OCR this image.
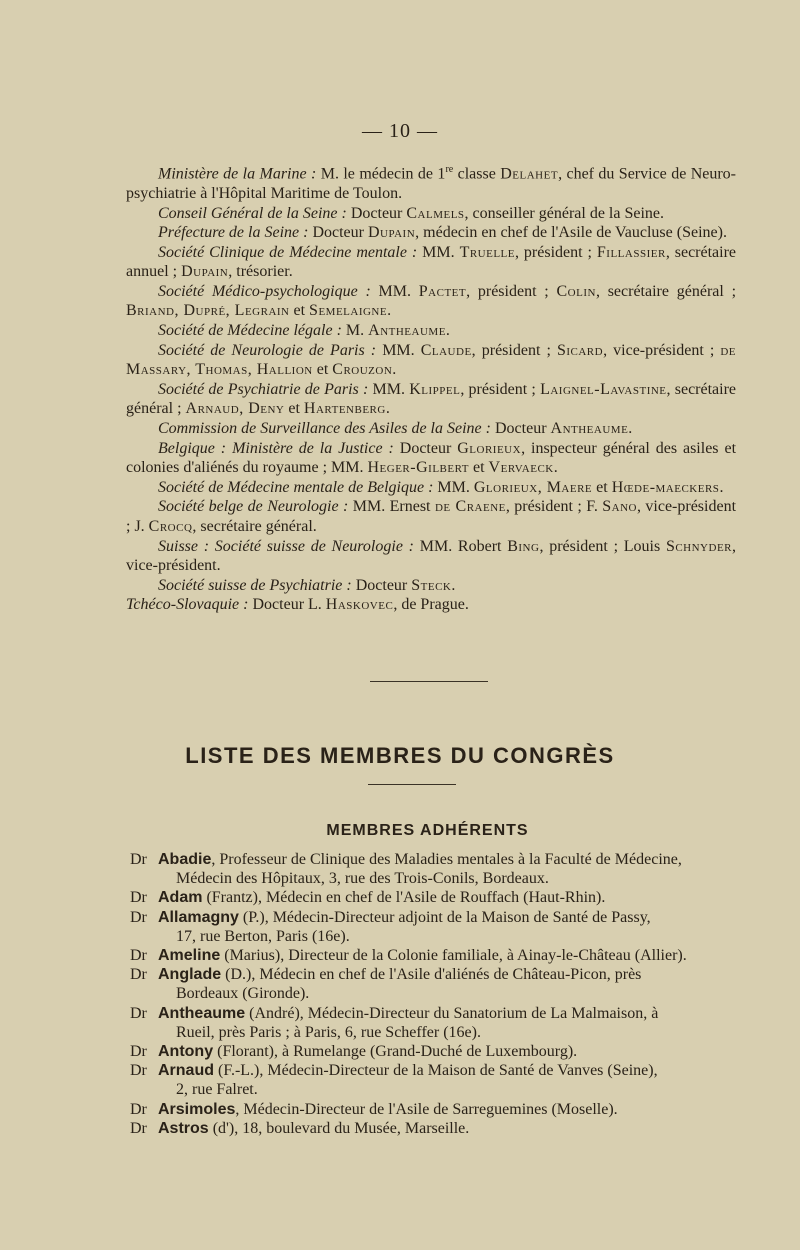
— 10 —

Ministère de la Marine : M. le médecin de 1re classe Delahet, chef du Service de Neuro-psychiatrie à l'Hôpital Maritime de Toulon.

Conseil Général de la Seine : Docteur Calmels, conseiller général de la Seine.

Préfecture de la Seine : Docteur Dupain, médecin en chef de l'Asile de Vaucluse (Seine).

Société Clinique de Médecine mentale : MM. Truelle, président ; Fillassier, secrétaire annuel ; Dupain, trésorier.

Société Médico-psychologique : MM. Pactet, président ; Colin, secrétaire général ; Briand, Dupré, Legrain et Semelaigne.

Société de Médecine légale : M. Antheaume.

Société de Neurologie de Paris : MM. Claude, président ; Sicard, vice-président ; de Massary, Thomas, Hallion et Crouzon.

Société de Psychiatrie de Paris : MM. Klippel, président ; Laignel-Lavastine, secrétaire général ; Arnaud, Deny et Hartenberg.

Commission de Surveillance des Asiles de la Seine : Docteur Antheaume.

Belgique : Ministère de la Justice : Docteur Glorieux, inspecteur général des asiles et colonies d'aliénés du royaume ; MM. Heger-Gilbert et Vervaeck.

Société de Médecine mentale de Belgique : MM. Glorieux, Maere et Hœde-maeckers.

Société belge de Neurologie : MM. Ernest de Craene, président ; F. Sano, vice-président ; J. Crocq, secrétaire général.

Suisse : Société suisse de Neurologie : MM. Robert Bing, président ; Louis Schnyder, vice-président.

Société suisse de Psychiatrie : Docteur Steck.

Tchéco-Slovaquie : Docteur L. Haskovec, de Prague.

LISTE DES MEMBRES DU CONGRÈS
MEMBRES ADHÉRENTS
Dr Abadie, Professeur de Clinique des Maladies mentales à la Faculté de Médecine,
Médecin des Hôpitaux, 3, rue des Trois-Conils, Bordeaux.
Dr Adam (Frantz), Médecin en chef de l'Asile de Rouffach (Haut-Rhin).
Dr Allamagny (P.), Médecin-Directeur adjoint de la Maison de Santé de Passy,
17, rue Berton, Paris (16e).
Dr Ameline (Marius), Directeur de la Colonie familiale, à Ainay-le-Château (Allier).
Dr Anglade (D.), Médecin en chef de l'Asile d'aliénés de Château-Picon, près
Bordeaux (Gironde).
Dr Antheaume (André), Médecin-Directeur du Sanatorium de La Malmaison, à
Rueil, près Paris ; à Paris, 6, rue Scheffer (16e).
Dr Antony (Florant), à Rumelange (Grand-Duché de Luxembourg).
Dr Arnaud (F.-L.), Médecin-Directeur de la Maison de Santé de Vanves (Seine),
2, rue Falret.
Dr Arsimoles, Médecin-Directeur de l'Asile de Sarreguemines (Moselle).
Dr Astros (d'), 18, boulevard du Musée, Marseille.
